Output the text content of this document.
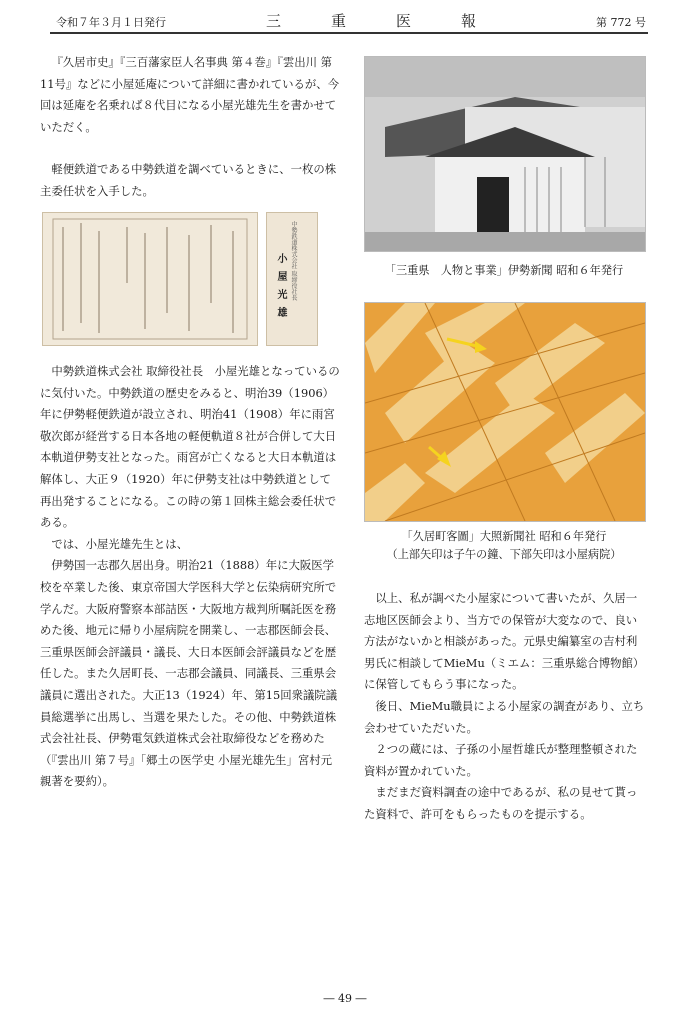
令和７年３月１日発行	三	重	医	報	第 772 号

『久居市史』『三百藩家臣人名事典 第４巻』『雲出川 第11号』などに小屋延庵について詳細に書かれているが、今回は延庵を名乗れば８代目になる小屋光雄先生を書かせていただく。

軽便鉄道である中勢鉄道を調べているときに、一枚の株主委任状を入手した。

中勢鉄道株式会社 取締役社長
小屋光雄

中勢鉄道株式会社 取締役社長　小屋光雄となっているのに気付いた。中勢鉄道の歴史をみると、明治39（1906）年に伊勢軽便鉄道が設立され、明治41（1908）年に雨宮敬次郎が経営する日本各地の軽便軌道８社が合併して大日本軌道伊勢支社となった。雨宮が亡くなると大日本軌道は解体し、大正９（1920）年に伊勢支社は中勢鉄道として再出発することになる。この時の第１回株主総会委任状である。

では、小屋光雄先生とは、

伊勢国一志郡久居出身。明治21（1888）年に大阪医学校を卒業した後、東京帝国大学医科大学と伝染病研究所で学んだ。大阪府警察本部詰医・大阪地方裁判所嘱託医を務めた後、地元に帰り小屋病院を開業し、一志郡医師会長、三重県医師会評議員・議長、大日本医師会評議員などを歴任した。また久居町長、一志郡会議員、同議長、三重県会議員に選出された。大正13（1924）年、第15回衆議院議員総選挙に出馬し、当選を果たした。その他、中勢鉄道株式会社社長、伊勢電気鉄道株式会社取締役などを務めた（『雲出川 第７号』「郷土の医学史 小屋光雄先生」宮村元親著を要約）。

「三重県　人物と事業」伊勢新聞 昭和６年発行
「久居町客圖」大照新聞社 昭和６年発行
（上部矢印は子午の鐘、下部矢印は小屋病院）

以上、私が調べた小屋家について書いたが、久居一志地区医師会より、当方での保管が大変なので、良い方法がないかと相談があった。元県史編纂室の吉村利男氏に相談してMieMu（ミエム：三重県総合博物館）に保管してもらう事になった。

後日、MieMu職員による小屋家の調査があり、立ち会わせていただいた。

２つの蔵には、子孫の小屋哲雄氏が整理整頓された資料が置かれていた。

まだまだ資料調査の途中であるが、私の見せて貰った資料で、許可をもらったものを提示する。

― 49 ―
